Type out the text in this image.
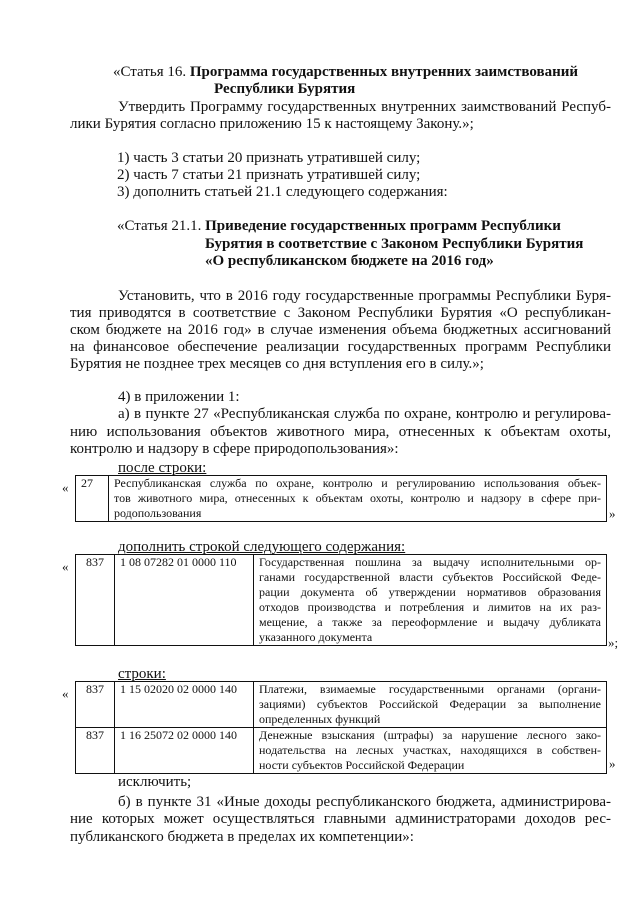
«Статья 16. Программа государственных внутренних заимствований
Республики Бурятия
Утвердить Программу государственных внутренних заимствований Респуб-
лики Бурятия согласно приложению 15 к настоящему Закону.»;
1) часть 3 статьи 20 признать утратившей силу;
2) часть 7 статьи 21 признать утратившей силу;
3) дополнить статьей 21.1 следующего содержания:
«Статья 21.1. Приведение государственных программ Республики
Бурятия в соответствие с Законом Республики Бурятия
«О республиканском бюджете на 2016 год»
Установить, что в 2016 году государственные программы Республики Буря-
тия приводятся в соответствие с Законом Республики Бурятия «О республикан-
ском бюджете на 2016 год» в случае изменения объема бюджетных ассигнований
на финансовое обеспечение реализации государственных программ Республики
Бурятия не позднее трех месяцев со дня вступления его в силу.»;
4) в приложении 1:
а) в пункте 27 «Республиканская служба по охране, контролю и регулирова-
нию использования объектов животного мира, отнесенных к объектам охоты,
контролю и надзору в сфере природопользования»:
после строки:
« 27	Республиканская служба по охране, контролю и регулированию использования объек-
тов животного мира, отнесенных к объектам охоты, контролю и надзору в сфере при-
родопользования	»
дополнить строкой следующего содержания:
« 837	1 08 07282 01 0000 110	Государственная пошлина за выдачу исполнительными ор-
ганами государственной власти субъектов Российской Феде-
рации документа об утверждении нормативов образования
отходов производства и потребления и лимитов на их раз-
мещение, а также за переоформление и выдачу дубликата
указанного документа	»;
строки:
« 837	1 15 02020 02 0000 140	Платежи, взимаемые государственными органами (органи-
зациями) субъектов Российской Федерации за выполнение
определенных функций

837	1 16 25072 02 0000 140	Денежные взыскания (штрафы) за нарушение лесного зако-
нодательства на лесных участках, находящихся в собствен-
ности субъектов Российской Федерации	»
исключить;
б) в пункте 31 «Иные доходы республиканского бюджета, администрирова-
ние которых может осуществляться главными администраторами доходов рес-
публиканского бюджета в пределах их компетенции»:
